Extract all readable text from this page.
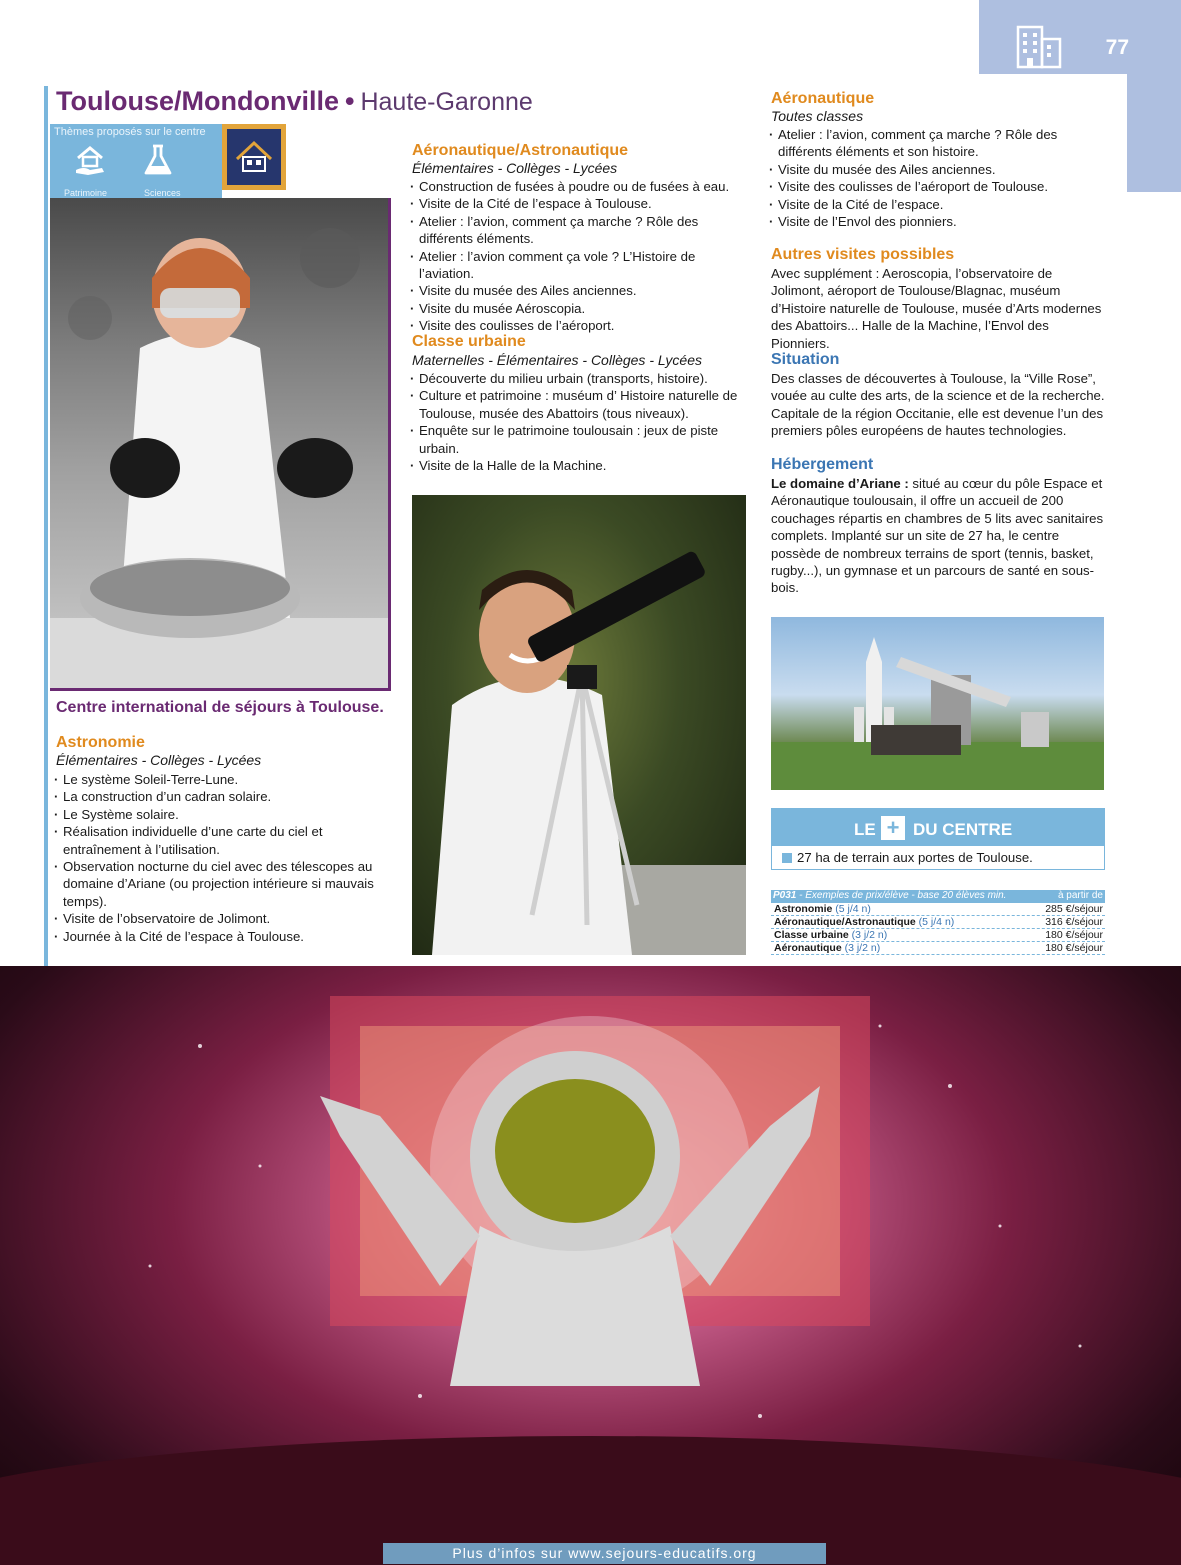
77
Toulouse/Mondonville • Haute-Garonne
Thèmes proposés sur le centre
Patrimoine	Sciences
Centre international de séjours à Toulouse.
Astronomie
Élémentaires - Collèges - Lycées
· Le système Soleil-Terre-Lune.
· La construction d’un cadran solaire.
· Le Système solaire.
· Réalisation individuelle d’une carte du ciel et entraînement à l’utilisation.
· Observation nocturne du ciel avec des télescopes au domaine d’Ariane (ou projection intérieure si mauvais temps).
· Visite de l’observatoire de Jolimont.
· Journée à la Cité de l’espace à Toulouse.
Aéronautique/Astronautique
Élémentaires - Collèges - Lycées
· Construction de fusées à poudre ou de fusées à eau.
· Visite de la Cité de l’espace à Toulouse.
· Atelier : l’avion, comment ça marche ? Rôle des différents éléments.
· Atelier : l’avion comment ça vole ? L’Histoire de l’aviation.
· Visite du musée des Ailes anciennes.
· Visite du musée Aéroscopia.
· Visite des coulisses de l’aéroport.
Classe urbaine
Maternelles - Élémentaires - Collèges - Lycées
· Découverte du milieu urbain (transports, histoire).
· Culture et patrimoine : muséum d’ Histoire naturelle de Toulouse, musée des Abattoirs (tous niveaux).
· Enquête sur le patrimoine toulousain : jeux de piste urbain.
· Visite de la Halle de la Machine.
Aéronautique
Toutes classes
· Atelier : l’avion, comment ça marche ? Rôle des différents éléments et son histoire.
· Visite du musée des Ailes anciennes.
· Visite des coulisses de l’aéroport de Toulouse.
· Visite de la Cité de l’espace.
· Visite de l’Envol des pionniers.
Autres visites possibles
Avec supplément : Aeroscopia, l’observatoire de Jolimont, aéroport de Toulouse/Blagnac, muséum d’Histoire naturelle de Toulouse, musée d’Arts modernes des Abattoirs... Halle de la Machine, l’Envol des Pionniers.
Situation
Des classes de découvertes à Toulouse, la “Ville Rose”, vouée au culte des arts, de la science et de la recherche. Capitale de la région Occitanie, elle est devenue l’un des premiers pôles européens de hautes technologies.
Hébergement
Le domaine d’Ariane : situé au cœur du pôle Espace et Aéronautique toulousain, il offre un accueil de 200 couchages répartis en chambres de 5 lits avec sanitaires complets. Implanté sur un site de 27 ha, le centre possède de nombreux terrains de sport (tennis, basket, rugby...), un gymnase et un parcours de santé en sous-bois.
LE + DU CENTRE
27 ha de terrain aux portes de Toulouse.
P031 - Exemples de prix/élève - base 20 élèves min.	à partir de
Astronomie (5 j/4 n)	285 €/séjour
Aéronautique/Astronautique (5 j/4 n)	316 €/séjour
Classe urbaine (3 j/2 n)	180 €/séjour
Aéronautique (3 j/2 n)	180 €/séjour
Plus d’infos sur www.sejours-educatifs.org
